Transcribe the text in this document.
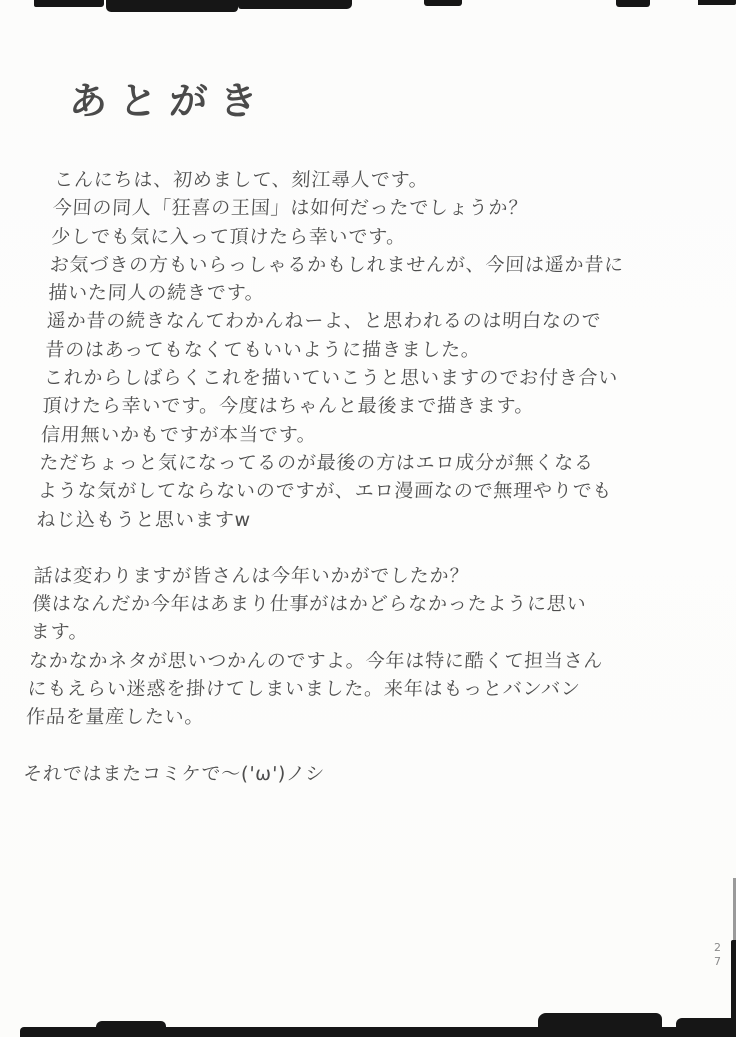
あとがき
こんにちは、初めまして、刻江尋人です。
今回の同人「狂喜の王国」は如何だったでしょうか？
少しでも気に入って頂けたら幸いです。
お気づきの方もいらっしゃるかもしれませんが、今回は遥か昔に
描いた同人の続きです。
遥か昔の続きなんてわかんねーよ、と思われるのは明白なので
昔のはあってもなくてもいいように描きました。
これからしばらくこれを描いていこうと思いますのでお付き合い
頂けたら幸いです。今度はちゃんと最後まで描きます。
信用無いかもですが本当です。
ただちょっと気になってるのが最後の方はエロ成分が無くなる
ような気がしてならないのですが、エロ漫画なので無理やりでも
ねじ込もうと思いますw
話は変わりますが皆さんは今年いかがでしたか？
僕はなんだか今年はあまり仕事がはかどらなかったように思い
ます。
なかなかネタが思いつかんのですよ。今年は特に酷くて担当さん
にもえらい迷惑を掛けてしまいました。来年はもっとバンバン
作品を量産したい。
それではまたコミケで～('ω')ノシ
27
